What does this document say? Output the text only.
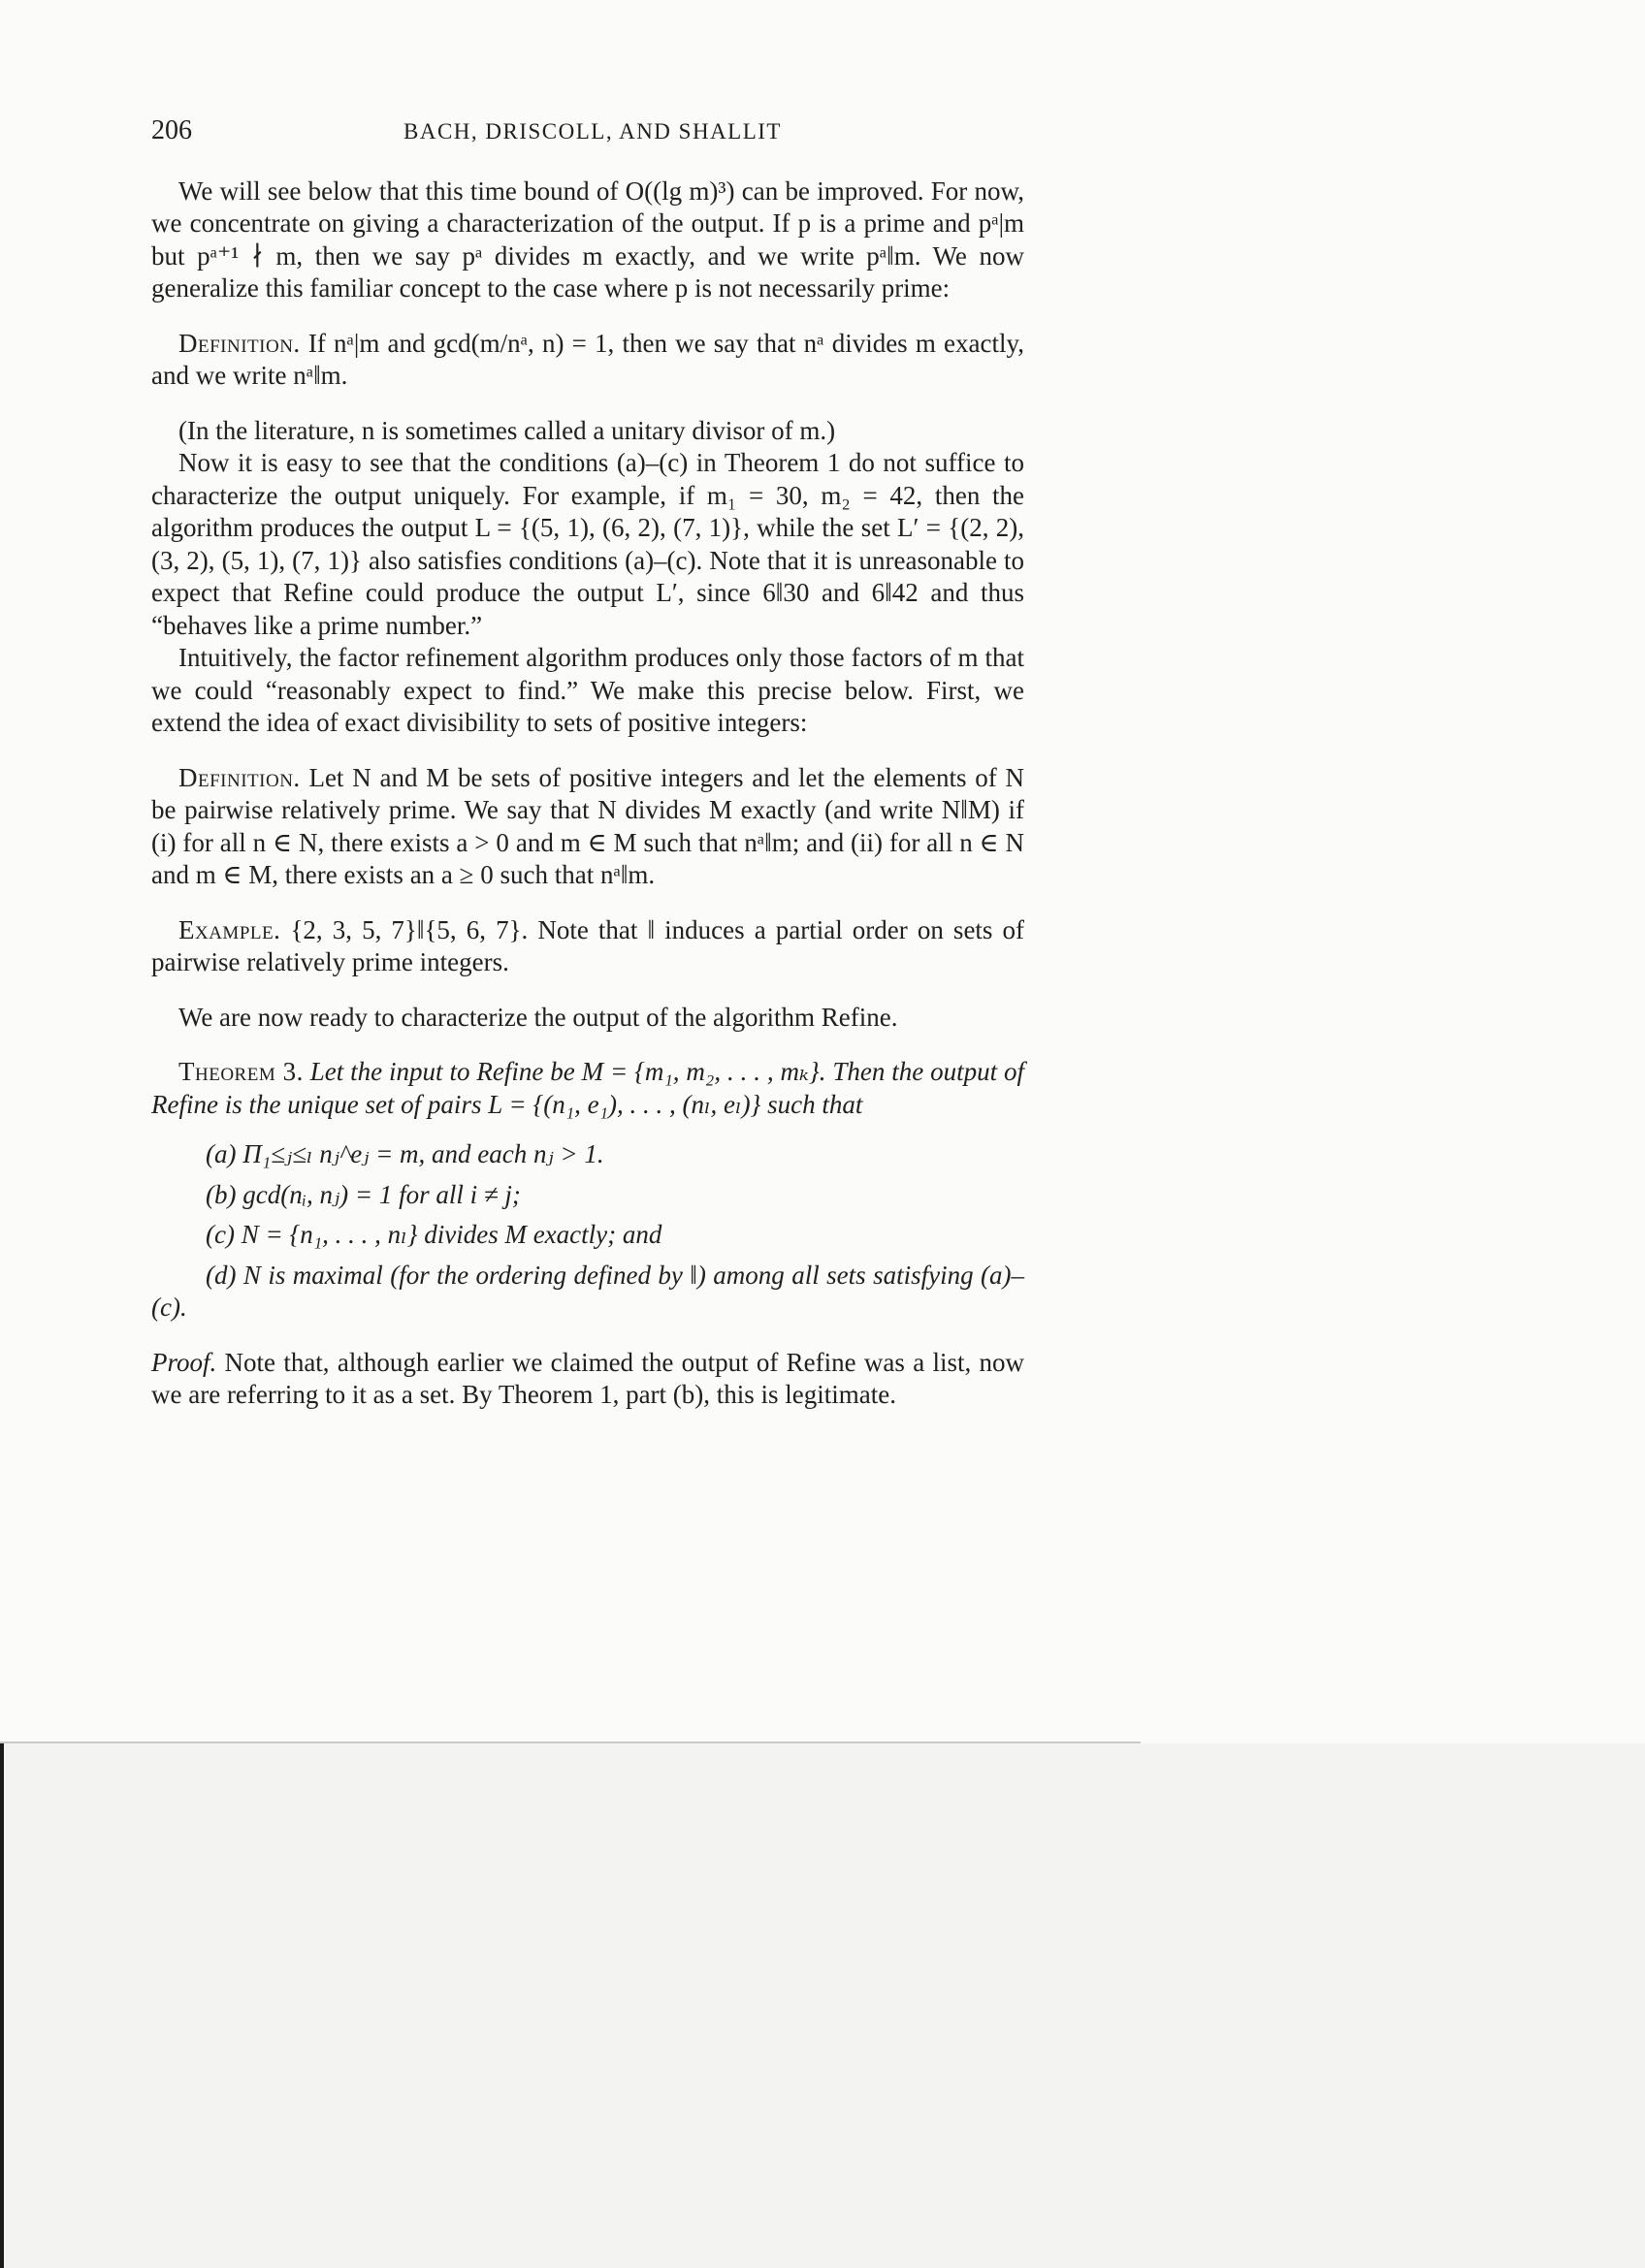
206	BACH, DRISCOLL, AND SHALLIT

We will see below that this time bound of O((lg m)³) can be improved. For now, we concentrate on giving a characterization of the output. If p is a prime and pᵃ|m but pᵃ⁺¹ ∤ m, then we say pᵃ divides m exactly, and we write pᵃ‖m. We now generalize this familiar concept to the case where p is not necessarily prime:

Definition. If nᵃ|m and gcd(m/nᵃ, n) = 1, then we say that nᵃ divides m exactly, and we write nᵃ‖m.

(In the literature, n is sometimes called a unitary divisor of m.)

Now it is easy to see that the conditions (a)–(c) in Theorem 1 do not suffice to characterize the output uniquely. For example, if m₁ = 30, m₂ = 42, then the algorithm produces the output L = {(5, 1), (6, 2), (7, 1)}, while the set L′ = {(2, 2), (3, 2), (5, 1), (7, 1)} also satisfies conditions (a)–(c). Note that it is unreasonable to expect that Refine could produce the output L′, since 6‖30 and 6‖42 and thus “behaves like a prime number.”

Intuitively, the factor refinement algorithm produces only those factors of m that we could “reasonably expect to find.” We make this precise below. First, we extend the idea of exact divisibility to sets of positive integers:

Definition. Let N and M be sets of positive integers and let the elements of N be pairwise relatively prime. We say that N divides M exactly (and write N‖M) if (i) for all n ∈ N, there exists a > 0 and m ∈ M such that nᵃ‖m; and (ii) for all n ∈ N and m ∈ M, there exists an a ≥ 0 such that nᵃ‖m.

Example. {2, 3, 5, 7}‖{5, 6, 7}. Note that ‖ induces a partial order on sets of pairwise relatively prime integers.

We are now ready to characterize the output of the algorithm Refine.

Theorem 3. Let the input to Refine be M = {m₁, m₂, . . . , mₖ}. Then the output of Refine is the unique set of pairs L = {(n₁, e₁), . . . , (nₗ, eₗ)} such that

(a) Π₁≤ⱼ≤ₗ nⱼ^eⱼ = m, and each nⱼ > 1.

(b) gcd(nᵢ, nⱼ) = 1 for all i ≠ j;

(c) N = {n₁, . . . , nₗ} divides M exactly; and

(d) N is maximal (for the ordering defined by ‖) among all sets satisfying (a)–(c).

Proof. Note that, although earlier we claimed the output of Refine was a list, now we are referring to it as a set. By Theorem 1, part (b), this is legitimate.
